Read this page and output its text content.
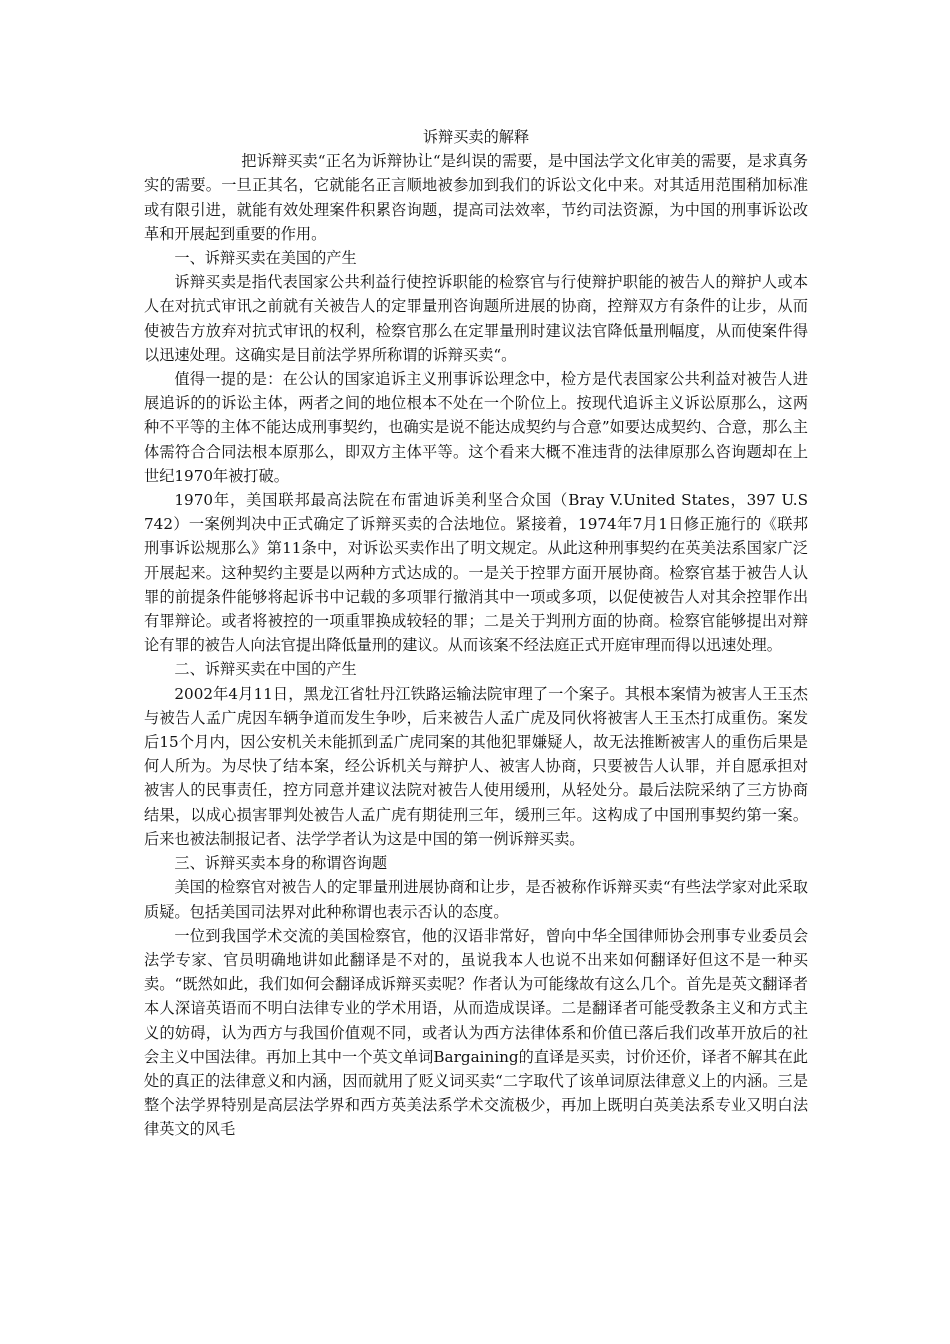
诉辩买卖的解释

把诉辩买卖“正名为诉辩协让“是纠误的需要，是中国法学文化审美的需要，是求真务实的需要。一旦正其名，它就能名正言顺地被参加到我们的诉讼文化中来。对其适用范围稍加标准或有限引进，就能有效处理案件积累咨询题，提高司法效率，节约司法资源，为中国的刑事诉讼改革和开展起到重要的作用。

一、诉辩买卖在美国的产生

诉辩买卖是指代表国家公共利益行使控诉职能的检察官与行使辩护职能的被告人的辩护人或本人在对抗式审讯之前就有关被告人的定罪量刑咨询题所进展的协商，控辩双方有条件的让步，从而使被告方放弃对抗式审讯的权利，检察官那么在定罪量刑时建议法官降低量刑幅度，从而使案件得以迅速处理。这确实是目前法学界所称谓的诉辩买卖“。

值得一提的是：在公认的国家追诉主义刑事诉讼理念中，检方是代表国家公共利益对被告人进展追诉的的诉讼主体，两者之间的地位根本不处在一个阶位上。按现代追诉主义诉讼原那么，这两种不平等的主体不能达成刑事契约，也确实是说不能达成契约与合意”如要达成契约、合意，那么主体需符合合同法根本原那么，即双方主体平等。这个看来大概不准违背的法律原那么咨询题却在上世纪1970年被打破。

1970年，美国联邦最高法院在布雷迪诉美利坚合众国（Bray V.United States，397 U.S 742）一案例判决中正式确定了诉辩买卖的合法地位。紧接着，1974年7月1日修正施行的《联邦刑事诉讼规那么》第11条中，对诉讼买卖作出了明文规定。从此这种刑事契约在英美法系国家广泛开展起来。这种契约主要是以两种方式达成的。一是关于控罪方面开展协商。检察官基于被告人认罪的前提条件能够将起诉书中记载的多项罪行撤消其中一项或多项，以促使被告人对其余控罪作出有罪辩论。或者将被控的一项重罪换成较轻的罪；二是关于判刑方面的协商。检察官能够提出对辩论有罪的被告人向法官提出降低量刑的建议。从而该案不经法庭正式开庭审理而得以迅速处理。

二、诉辩买卖在中国的产生

2002年4月11日，黑龙江省牡丹江铁路运输法院审理了一个案子。其根本案情为被害人王玉杰与被告人孟广虎因车辆争道而发生争吵，后来被告人孟广虎及同伙将被害人王玉杰打成重伤。案发后15个月内，因公安机关未能抓到孟广虎同案的其他犯罪嫌疑人，故无法推断被害人的重伤后果是何人所为。为尽快了结本案，经公诉机关与辩护人、被害人协商，只要被告人认罪，并自愿承担对被害人的民事责任，控方同意并建议法院对被告人使用缓刑，从轻处分。最后法院采纳了三方协商结果，以成心损害罪判处被告人孟广虎有期徒刑三年，缓刑三年。这构成了中国刑事契约第一案。后来也被法制报记者、法学学者认为这是中国的第一例诉辩买卖。

三、诉辩买卖本身的称谓咨询题

美国的检察官对被告人的定罪量刑进展协商和让步，是否被称作诉辩买卖“有些法学家对此采取质疑。包括美国司法界对此种称谓也表示否认的态度。

一位到我国学术交流的美国检察官，他的汉语非常好，曾向中华全国律师协会刑事专业委员会法学专家、官员明确地讲如此翻译是不对的，虽说我本人也说不出来如何翻译好但这不是一种买卖。“既然如此，我们如何会翻译成诉辩买卖呢？作者认为可能缘故有这么几个。首先是英文翻译者本人深谙英语而不明白法律专业的学术用语，从而造成误译。二是翻译者可能受教条主义和方式主义的妨碍，认为西方与我国价值观不同，或者认为西方法律体系和价值已落后我们改革开放后的社会主义中国法律。再加上其中一个英文单词Bargaining的直译是买卖，讨价还价，译者不解其在此处的真正的法律意义和内涵，因而就用了贬义词买卖“二字取代了该单词原法律意义上的内涵。三是整个法学界特别是高层法学界和西方英美法系学术交流极少，再加上既明白英美法系专业又明白法律英文的风毛
